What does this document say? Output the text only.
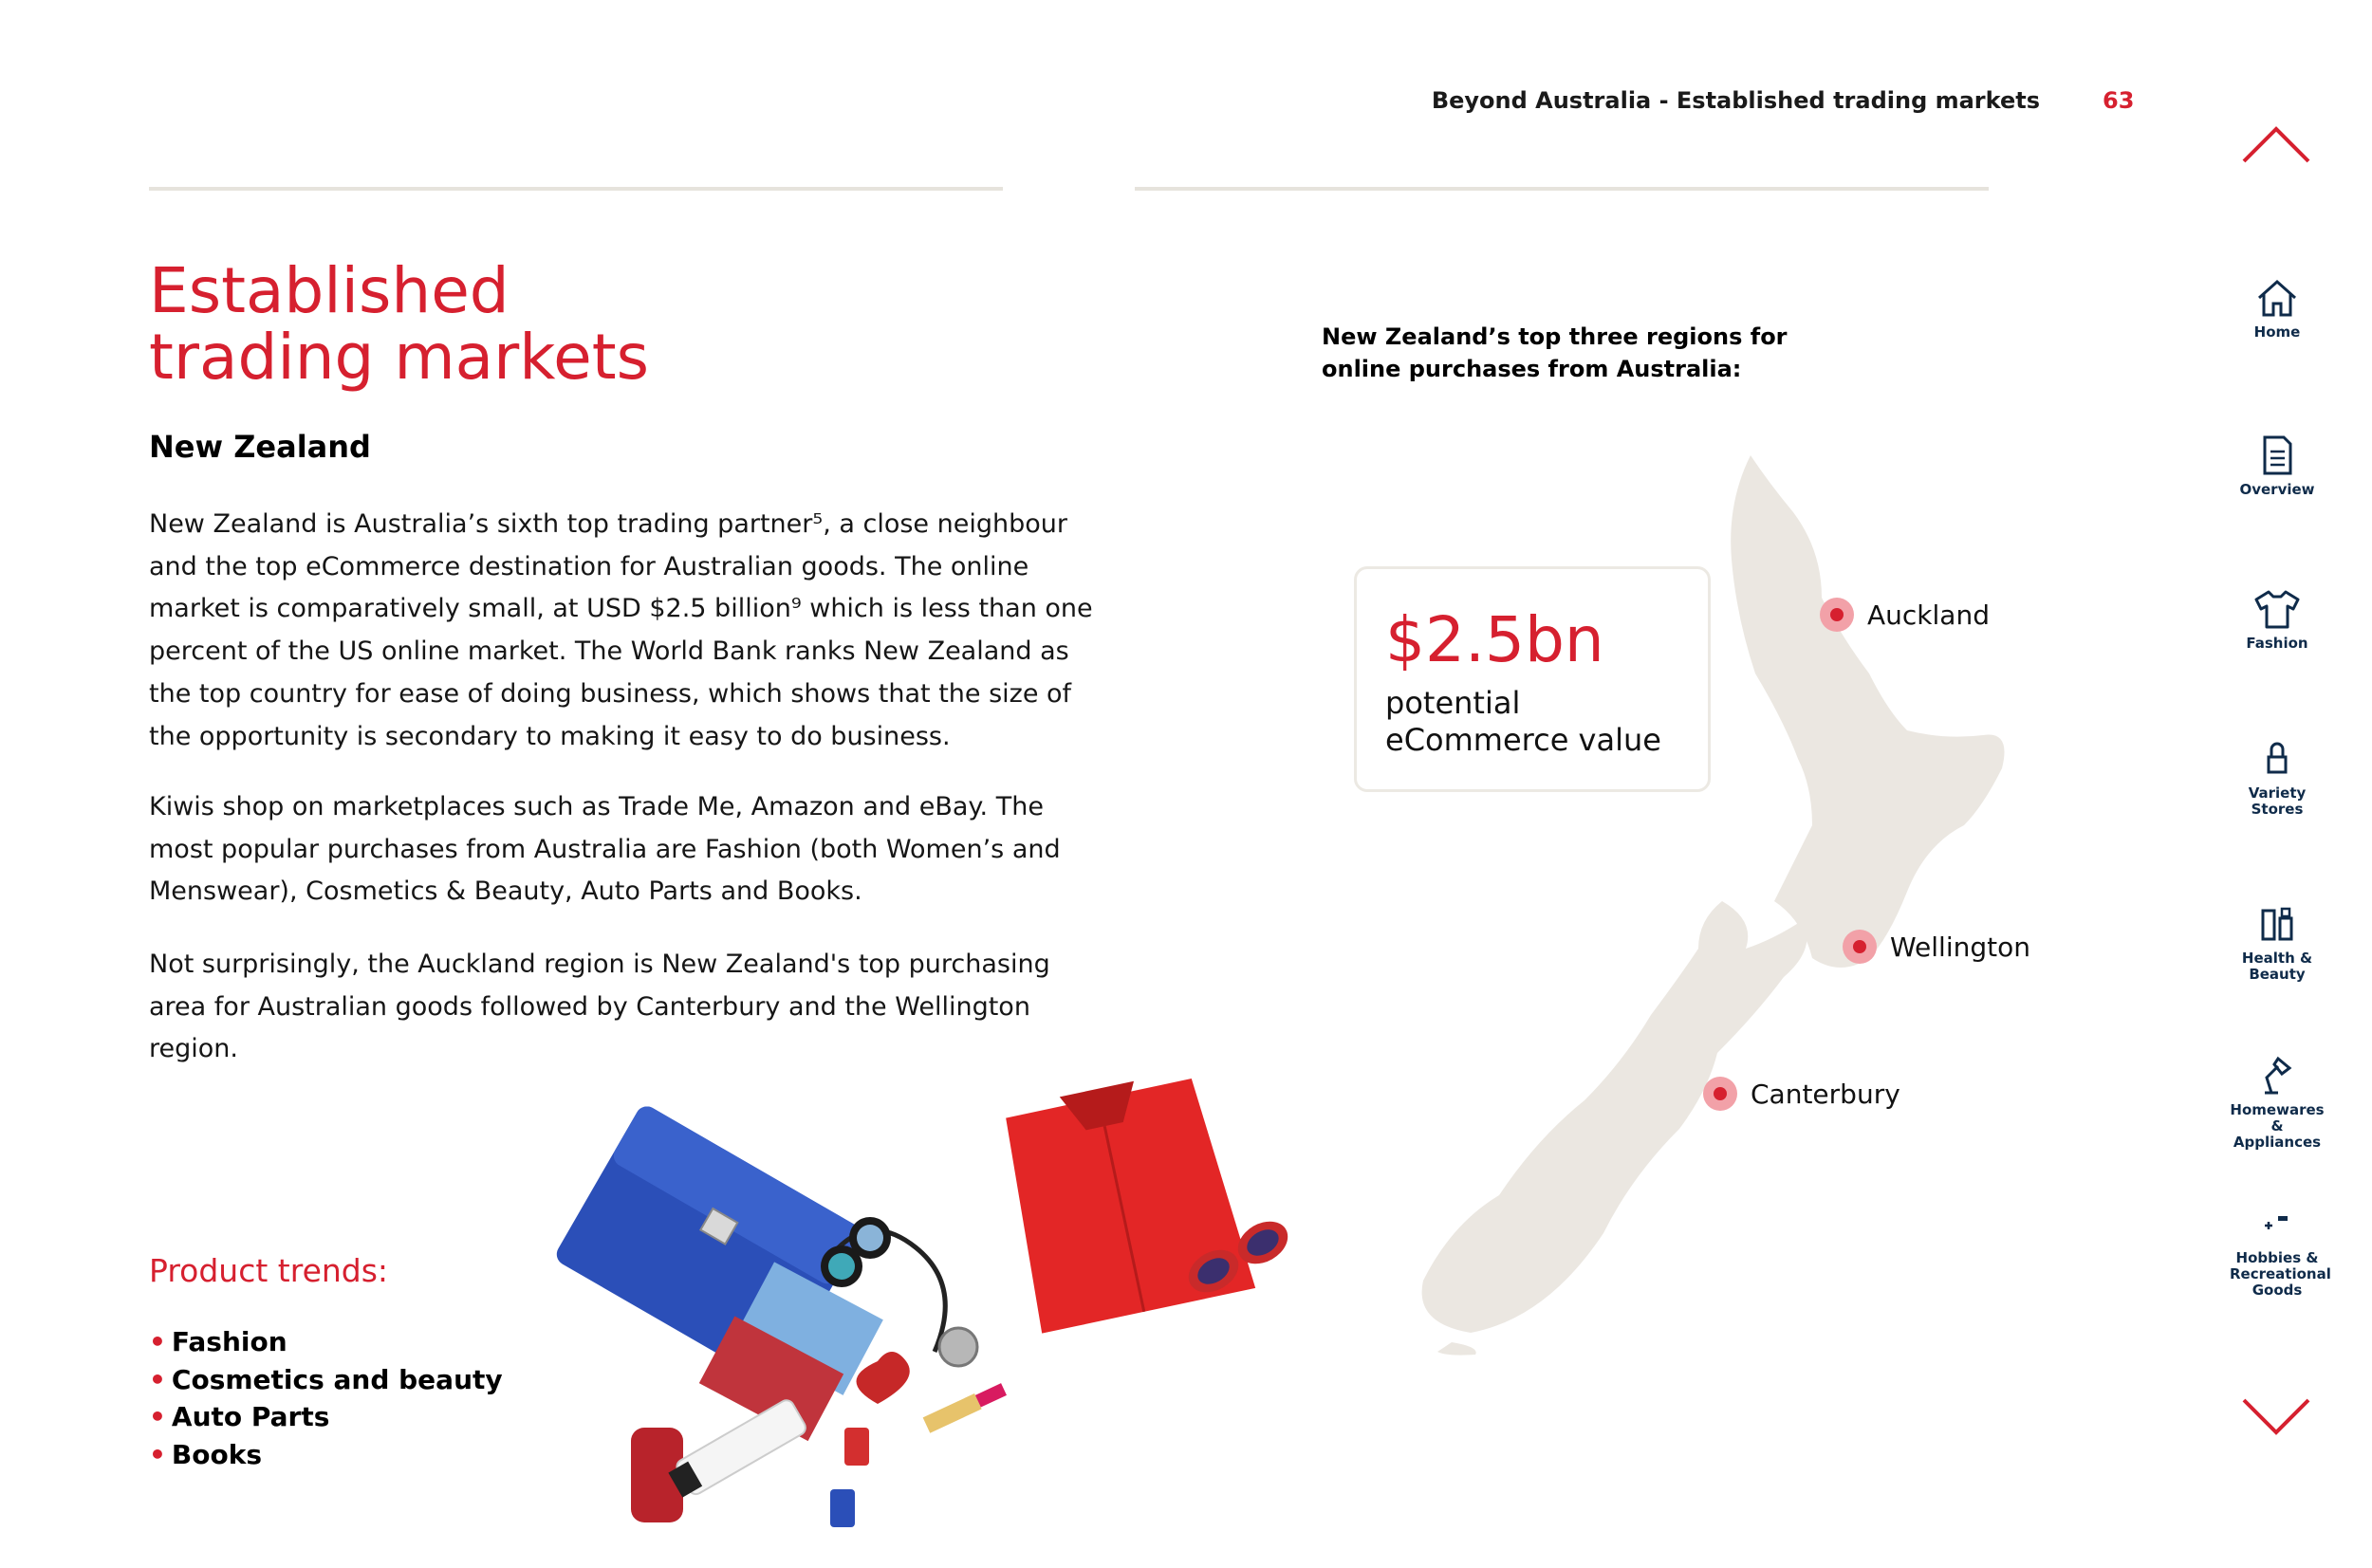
Beyond Australia - Established trading markets	63
Established
trading markets
New Zealand

New Zealand is Australia’s sixth top trading partner⁵, a close neighbour and the top eCommerce destination for Australian goods. The online market is comparatively small, at USD $2.5 billion⁹ which is less than one percent of the US online market. The World Bank ranks New Zealand as the top country for ease of doing business, which shows that the size of the opportunity is secondary to making it easy to do business.

Kiwis shop on marketplaces such as Trade Me, Amazon and eBay. The most popular purchases from Australia are Fashion (both Women’s and Menswear), Cosmetics & Beauty, Auto Parts and Books.

Not surprisingly, the Auckland region is New Zealand's top purchasing area for Australian goods followed by Canterbury and the Wellington region.

Product trends:
• Fashion
• Cosmetics and beauty
• Auto Parts
• Books
New Zealand’s top three regions for online purchases from Australia:
$2.5bn
potential eCommerce value
Auckland
Wellington
Canterbury
Home
Overview
Fashion
Variety Stores
Health & Beauty
Homewares & Appliances
Hobbies & Recreational Goods
